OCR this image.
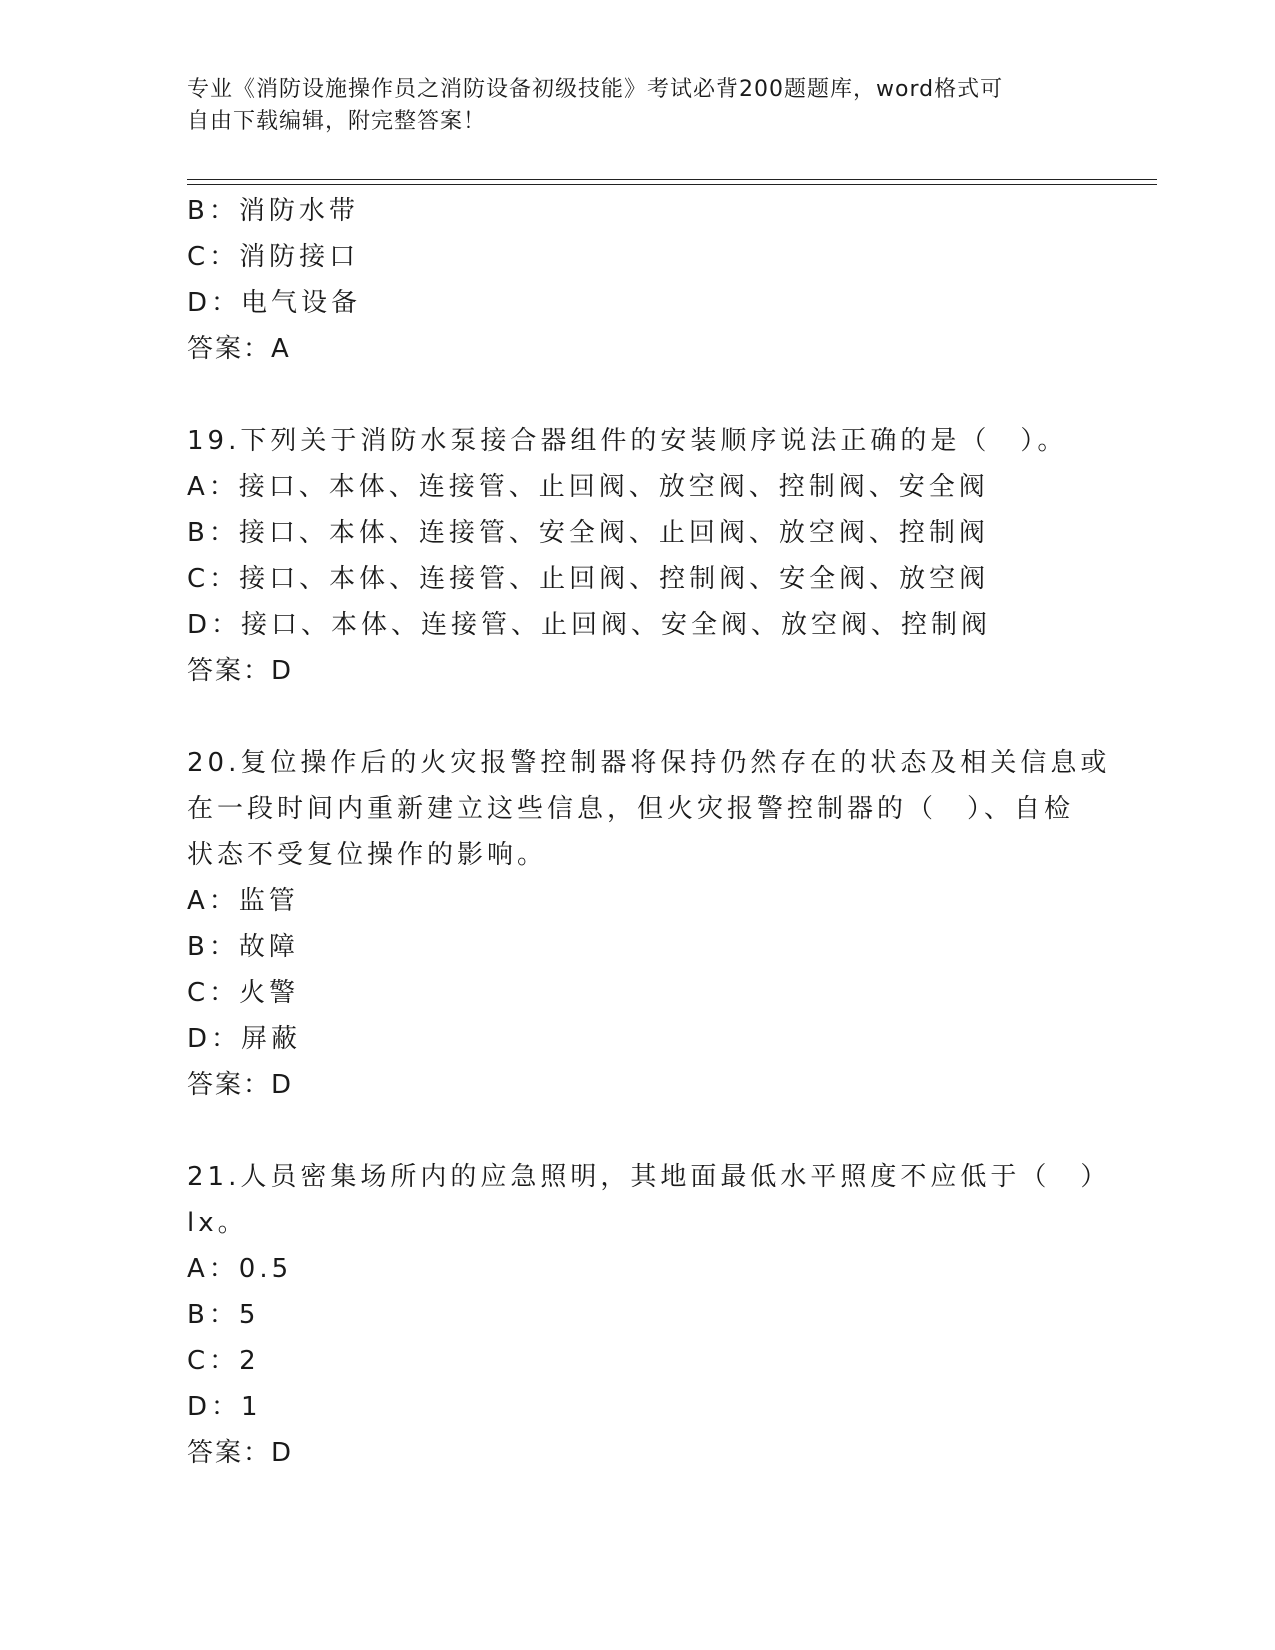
专业《消防设施操作员之消防设备初级技能》考试必背200题题库，word格式可
自由下载编辑，附完整答案！
B：消防水带
C：消防接口
D：电气设备
答案：A
19.下列关于消防水泵接合器组件的安装顺序说法正确的是（　）。
A：接口、本体、连接管、止回阀、放空阀、控制阀、安全阀
B：接口、本体、连接管、安全阀、止回阀、放空阀、控制阀
C：接口、本体、连接管、止回阀、控制阀、安全阀、放空阀
D：接口、本体、连接管、止回阀、安全阀、放空阀、控制阀
答案：D
20.复位操作后的火灾报警控制器将保持仍然存在的状态及相关信息或
在一段时间内重新建立这些信息，但火灾报警控制器的（　）、自检
状态不受复位操作的影响。
A：监管
B：故障
C：火警
D：屏蔽
答案：D
21.人员密集场所内的应急照明，其地面最低水平照度不应低于（　）
lx。
A：0.5
B：5
C：2
D：1
答案：D
